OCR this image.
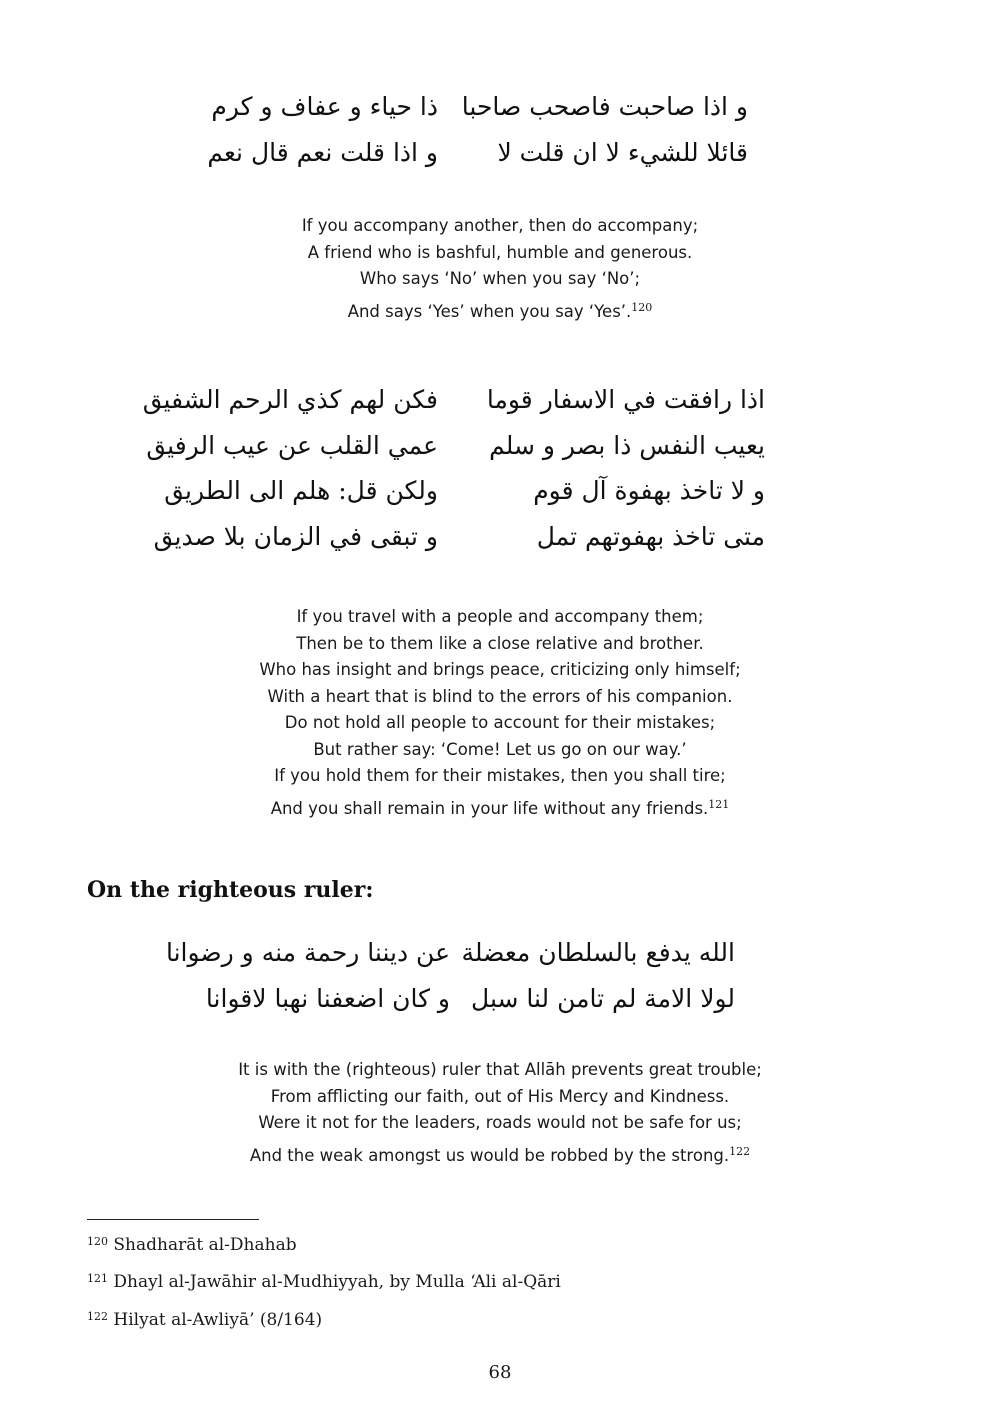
و اذا صاحبت فاصحب صاحبا
ذا حياء و عفاف و كرم
قائلا للشيء لا ان قلت لا
و اذا قلت نعم قال نعم
If you accompany another, then do accompany;
A friend who is bashful, humble and generous.
Who says ‘No’ when you say ‘No’;
And says ‘Yes’ when you say ‘Yes’.$^{120}$
اذا رافقت في الاسفار قوما
فكن لهم كذي الرحم الشفيق
يعيب النفس ذا بصر و سلم
عمي القلب عن عيب الرفيق
و لا تاخذ بهفوة آل قوم
ولكن قل: هلم الى الطريق
متى تاخذ بهفوتهم تمل
و تبقى في الزمان بلا صديق
If you travel with a people and accompany them;
Then be to them like a close relative and brother.
Who has insight and brings peace, criticizing only himself;
With a heart that is blind to the errors of his companion.
Do not hold all people to account for their mistakes;
But rather say: ‘Come! Let us go on our way.’
If you hold them for their mistakes, then you shall tire;
And you shall remain in your life without any friends.$^{121}$
On the righteous ruler:
الله يدفع بالسلطان معضلة
عن ديننا رحمة منه و رضوانا
لولا الامة لم تامن لنا سبل
و كان اضعفنا نهبا لاقوانا
It is with the (righteous) ruler that Allāh prevents great trouble;
From afflicting our faith, out of His Mercy and Kindness.
Were it not for the leaders, roads would not be safe for us;
And the weak amongst us would be robbed by the strong.$^{122}$
$^{120}$ Shadharāt al-Dhahab
$^{121}$ Dhayl al-Jawāhir al-Mudhiyyah, by Mulla ‘Ali al-Qāri
$^{122}$ Hilyat al-Awliyā’ (8/164)
68
